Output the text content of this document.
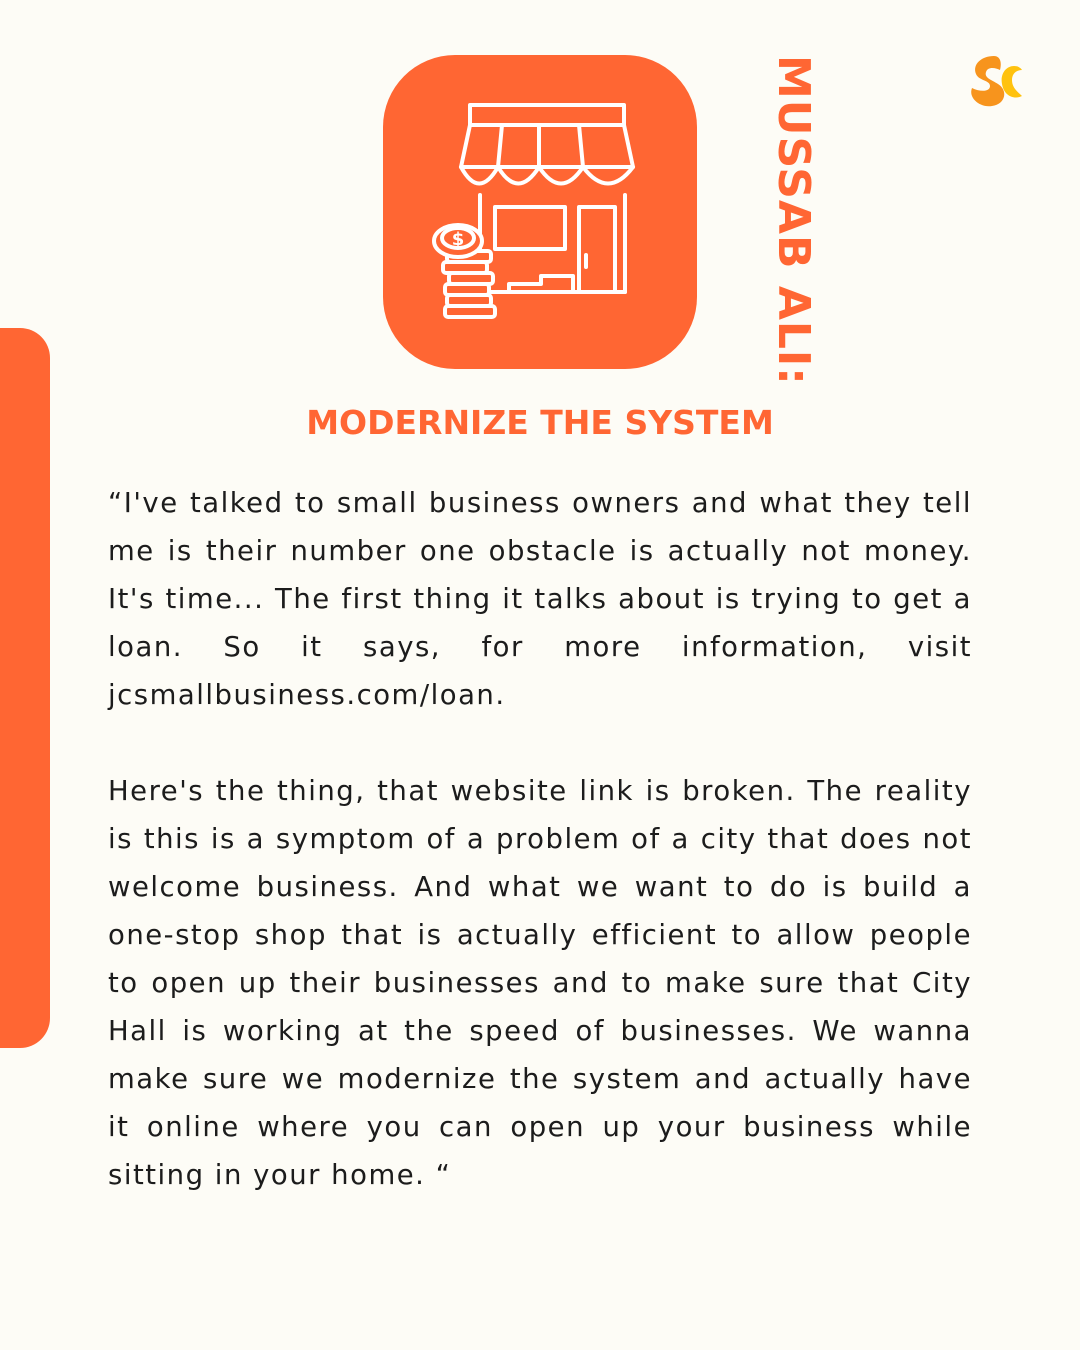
$	MUSSAB ALI:
MODERNIZE THE SYSTEM

“I've talked to small business owners and what they tell me is their number one obstacle is actually not money. It's time... The first thing it talks about is trying to get a loan. So it says, for more information, visit jcsmallbusiness.com/loan.

Here's the thing, that website link is broken. The reality is this is a symptom of a problem of a city that does not welcome business. And what we want to do is build a one-stop shop that is actually efficient to allow people to open up their businesses and to make sure that City Hall is working at the speed of businesses. We wanna make sure we modernize the system and actually have it online where you can open up your business while sitting in your home. “
